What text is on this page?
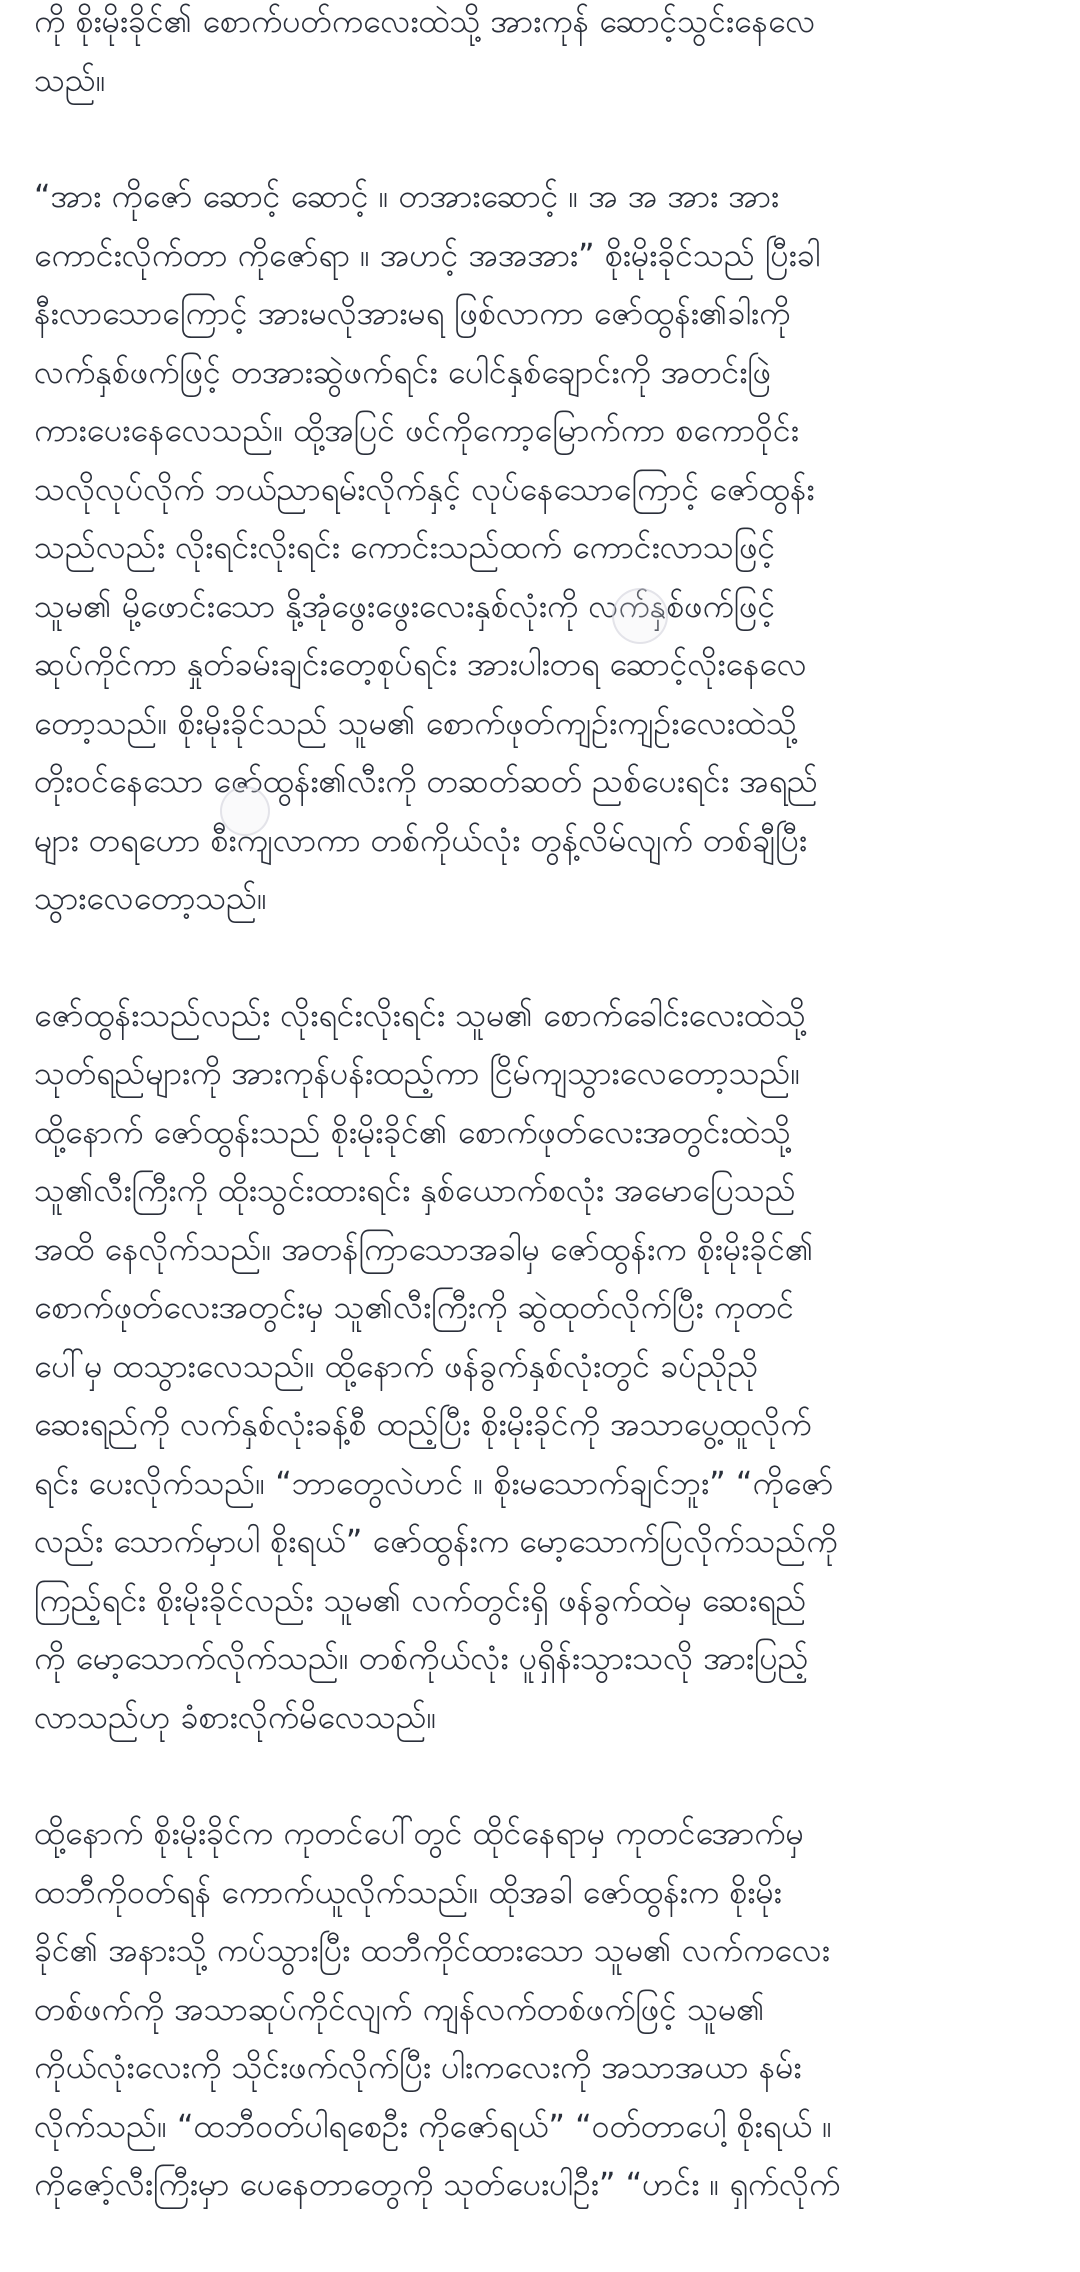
ကို စိုးမိုးခိုင်၏ စောက်ပတ်ကလေးထဲသို့ အားကုန် ဆောင့်သွင်းနေလေ
သည်။

“အား ကိုဇော် ဆောင့် ဆောင့် ။ တအားဆောင့် ။ အ အ အား အား
ကောင်းလိုက်တာ ကိုဇော်ရာ ။ အဟင့် အအအား” စိုးမိုးခိုင်သည် ပြီးခါ
နီးလာသောကြောင့် အားမလိုအားမရ ဖြစ်လာကာ ဇော်ထွန်း၏ခါးကို
လက်နှစ်ဖက်ဖြင့် တအားဆွဲဖက်ရင်း ပေါင်နှစ်ချောင်းကို အတင်းဖြဲ
ကားပေးနေလေသည်။ ထို့အပြင် ဖင်ကိုကော့မြောက်ကာ စကောဝိုင်း
သလိုလုပ်လိုက် ဘယ်ညာရမ်းလိုက်နှင့် လုပ်နေသောကြောင့် ဇော်ထွန်း
သည်လည်း လိုးရင်းလိုးရင်း ကောင်းသည်ထက် ကောင်းလာသဖြင့်
သူမ၏ မို့ဖောင်းသော နို့အုံဖွေးဖွေးလေးနှစ်လုံးကို လက်နှစ်ဖက်ဖြင့်
ဆုပ်ကိုင်ကာ နှုတ်ခမ်းချင်းတေ့စုပ်ရင်း အားပါးတရ ဆောင့်လိုးနေလေ
တော့သည်။ စိုးမိုးခိုင်သည် သူမ၏ စောက်ဖုတ်ကျဉ်းကျဉ်းလေးထဲသို့
တိုးဝင်နေသော ဇော်ထွန်း၏လီးကို တဆတ်ဆတ် ညစ်ပေးရင်း အရည်
များ တရဟော စီးကျလာကာ တစ်ကိုယ်လုံး တွန့်လိမ်လျက် တစ်ချီပြီး
သွားလေတော့သည်။

ဇော်ထွန်းသည်လည်း လိုးရင်းလိုးရင်း သူမ၏ စောက်ခေါင်းလေးထဲသို့
သုတ်ရည်များကို အားကုန်ပန်းထည့်ကာ ငြိမ်ကျသွားလေတော့သည်။
ထို့နောက် ဇော်ထွန်းသည် စိုးမိုးခိုင်၏ စောက်ဖုတ်လေးအတွင်းထဲသို့
သူ၏လီးကြီးကို ထိုးသွင်းထားရင်း နှစ်ယောက်စလုံး အမောပြေသည်
အထိ နေလိုက်သည်။ အတန်ကြာသောအခါမှ ဇော်ထွန်းက စိုးမိုးခိုင်၏
စောက်ဖုတ်လေးအတွင်းမှ သူ၏လီးကြီးကို ဆွဲထုတ်လိုက်ပြီး ကုတင်
ပေါ်မှ ထသွားလေသည်။ ထို့နောက် ဖန်ခွက်နှစ်လုံးတွင် ခပ်ညိုညို
ဆေးရည်ကို လက်နှစ်လုံးခန့်စီ ထည့်ပြီး စိုးမိုးခိုင်ကို အသာပွေ့ထူလိုက်
ရင်း ပေးလိုက်သည်။ “ဘာတွေလဲဟင် ။ စိုးမသောက်ချင်ဘူး” “ကိုဇော်
လည်း သောက်မှာပါ စိုးရယ်” ဇော်ထွန်းက မော့သောက်ပြလိုက်သည်ကို
ကြည့်ရင်း စိုးမိုးခိုင်လည်း သူမ၏ လက်တွင်းရှိ ဖန်ခွက်ထဲမှ ဆေးရည်
ကို မော့သောက်လိုက်သည်။ တစ်ကိုယ်လုံး ပူရှိန်းသွားသလို အားပြည့်
လာသည်ဟု ခံစားလိုက်မိလေသည်။

ထို့နောက် စိုးမိုးခိုင်က ကုတင်ပေါ်တွင် ထိုင်နေရာမှ ကုတင်အောက်မှ
ထဘီကိုဝတ်ရန် ကောက်ယူလိုက်သည်။ ထိုအခါ ဇော်ထွန်းက စိုးမိုး
ခိုင်၏ အနားသို့ ကပ်သွားပြီး ထဘီကိုင်ထားသော သူမ၏ လက်ကလေး
တစ်ဖက်ကို အသာဆုပ်ကိုင်လျက် ကျန်လက်တစ်ဖက်ဖြင့် သူမ၏
ကိုယ်လုံးလေးကို သိုင်းဖက်လိုက်ပြီး ပါးကလေးကို အသာအယာ နမ်း
လိုက်သည်။ “ထဘီဝတ်ပါရစေဦး ကိုဇော်ရယ်” “ဝတ်တာပေါ့ စိုးရယ် ။
ကိုဇော့်လီးကြီးမှာ ပေနေတာတွေကို သုတ်ပေးပါဦး” “ဟင်း ။ ရှက်လိုက်
